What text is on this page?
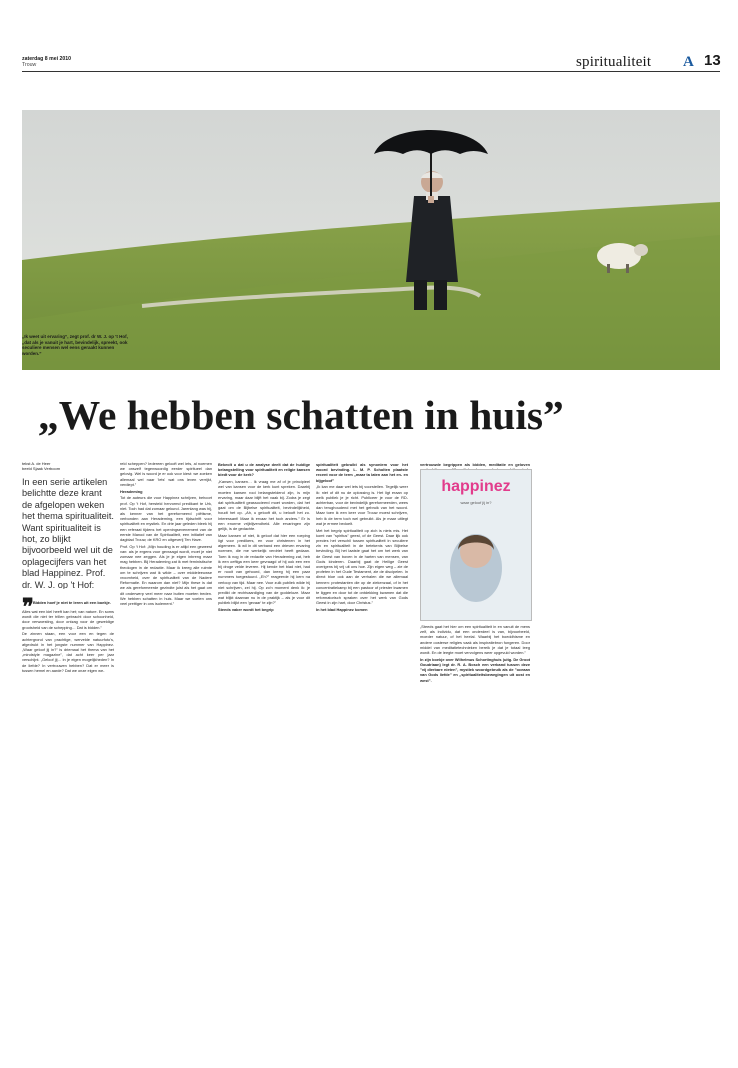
zaterdag 8 mei 2010
Trouw	spiritualiteit A 13
„Ik weet uit ervaring”, zegt prof. dr W. J. op 't Hof, „dat als je vanuit je hart, bevindelijk, spreekt, ook seculiere mensen wel eens geraakt kunnen worden.”
„We hebben schatten in huis”
tekst A. de Heer
beeld Sjaak Verboom
In een serie artikelen belichtte deze krant de afgelopen weken het thema spiritualiteit. Want spiritualiteit is hot, zo blijkt bijvoorbeeld wel uit de oplagecijfers van het blad Happinez. Prof. dr. W. J. op 't Hof:
❞ Bidden hoef je niet te leren uit een boekje.

Alles wat een kiel heeft kan het; van nature. En soms wordt die niet ter trillen gebracht door schoonheid, door verwoesting, door ontzag voor de geweldige grootsheid van de schepping… Dat is bidden.”

De zinnen staan, een voor een en tegen de achtergrond van prachtige, wervelde natuurfoto's, afgedrukt in het jongste nummer van Happinez. „Waar geloof jij in?” is driemaal het thema van het „mindstyle magazine”, dat acht keer per jaar verschijnt. „Geloof jij… in je eigen mogelijkheden? In de liefde? In vertrouwen hebben? Dat er meer is tussen hemel en aarde? Dat we onze eigen we-

reld scheppen? Iedereen gelooft wel iets, al noemen we onszelf tegenwoordig eerder spiritueel dan gelovig. Wel is woord je er ook voor kiest: we zoeken allemaal wel naar 'iets' wat ons leven verrijkt, verdiept.”

Herademing

Tot de auteurs die voor Happinez schrijven, behoort prof. Op 't Hof, hersteld hervormd predikant te Urk, niet. Toch had dat zomaar gekund. Jarenlang was hij, als kenner van het gereformeerd piëtisme, verbonden aan Herademing, een tijdschrift voor spiritualiteit en mystiek. En drie jaar geleden bleek hij een referaat tijdens het openingsevenement van de eerste Manod van de Spiritualiteit, een initiatief van dagblad Trouw, de KRO en uitgeverij Ten Have.

Prof. Op 't Hof: „Mijn houding is er altijd een geweest van: als je ergens voor gevraagd wordt, moet je niet zomaar nee zeggen. Als je je eigen inbreng maar mag hebben. Bij Herademing zat ik met feministische theologen in de redactie. Maar ik kreeg alle ruimte om te schrijven wat ik wilde – over middeleeuwse vroomheid, over de spiritualiteit van de Nadere Reformatie. En waarom dan niet? Mijn these is dat we als gereformeerde gezindte juist als het gaat om dit onderwerp veel meer naar buiten moeten treden. We hebben schatten in huis. Maar we voelen ons veel prettiger in ons isolement.”

Bekeolt u dat u de analyse deelt dat de huidige belangstelling voor spiritualiteit en religie kansen biedt voor de kerk?

„Kansen, kansen… Ik vraag me af of je principieel wel van kansen voor de kerk kunt spreken. Daarbij moeten kansen rooi belangsteldend zijn, is mijn ervaring, maar daar blijft het vaak bij. Zodra je zegt dat spiritualiteit geassocieerd moet worden, dat het gaat om de Bijbelse spiritualiteit, bevindelijkheid, houdt het op. „Ah, u gelooft dit, u belooft het zo. Interessant! Maar ik ervaar het toch anders.” Er is een enorme vrijblijvendheid. Alle ervaringen zijn gelijk, is de gedachte.

Maar kansen of niet, ik geloof dat hier een roeping ligt voor predikers, en voor christenen in het algemeen. Ik wil in dit verband een drieven ervaring noemen, die me werkelijk verdriet heeft gedaan. Toen ik nog in de redactie van Herademing zat, heb ik een oeftiga een keer gevraagd of hij ook een een bij droge velde leveren. Hij kende het blad niet, had er nooit van gehoord, dan kreeg hij een paar nummers toegestuurd. „Eh?” reageerde hij kern na verloop van tijd. Maar nee. Voor zulk publiek wilde hij niet schrijven, zei hij. Op zo'n moment denk ik: je predikt de rechtvaardiging van de goddeloze. Maar wat blijkt daarvan nu in de praktijk – als je voor dit publiek blijkt een 'gevaar' te zijn?”

Steeds vaker wordt het begrip

spiritualiteit gebruikt als synoniem voor het woord bevinding. L. M. P. Scholten plaatste recent voor de term „maar ta laten aan het en- en bijgeloof”

„Ik kan me daar wel iets bij voorstellen. Tegelijk weer ik: niet of dit nu de oplossing is. Het ligt eraan op welk publiek je je richt. Publiceer je voor de RD-achterban, voor de bevindelijk gereformeerden, wees dan terughoudend met het gebruik van het woord. Maar toen ik een keer voor Trouw moest schrijven, heb ik de term toch wel gebruikt. Als je maar uitlegt wat je ermee bedoelt.

Met het begrip spiritualiteit op zich is niets mis. Het komt van "spiritus" geest, of de Geest. Daar lijk ook precies het verschil tussen spiritualiteit in seculiere zin en spiritualiteit in de betekenis van Bijbelse bevinding. Bij het laatste gaat het om het werk van de Geest van boven in de harten van mensen, van Gods kinderen. Daarbij gaat de Heilige Geest overigens bij vrij uit ons hoe. Zijn eigen weg – zie de profeten in het Oude Testament, zie de discipelen. In direct bloe ook aan de verhalen die we allemaal kennen: protestanten die op de ziekenzaal, of in het concentratiekamp bij een pastoor of priester kwamen te liggen en door tot de ontdekking kwamen dat die reformatorisch spraken over het werk van Gods Geest in zijn hart, door Christus.”

In het blad Happinez komen

vertrouwde begrippen als bidden, meditatie en geloven

happinez
waar geloof jij in?

„Steeds gaat het hier om een spiritualiteit in en vanuit de mens zelf, als individu, dat een onderdeel is van, bijvoorbeeld, moeder natuur, of het heelal. Waarbij het boeddhisme en andere oosterse religies vaak als inspiratiebron fungeren. Door middel van meditatietechnieken bereik je dat je totaal leeg wordt. En de leegte moet vervolgens weer opgevuld worden.”

In zijn boekje over Wilhelmus Schortinghuis (uitg. De Groot Goudriaan) legt dr. R. A. Bosch een verband tussen deze "vij dierbare nieten", mystiek woordgebruik als de "oceaan van Gods liefde" en „spiritualiteitsbewegingen uit oost en west”.
